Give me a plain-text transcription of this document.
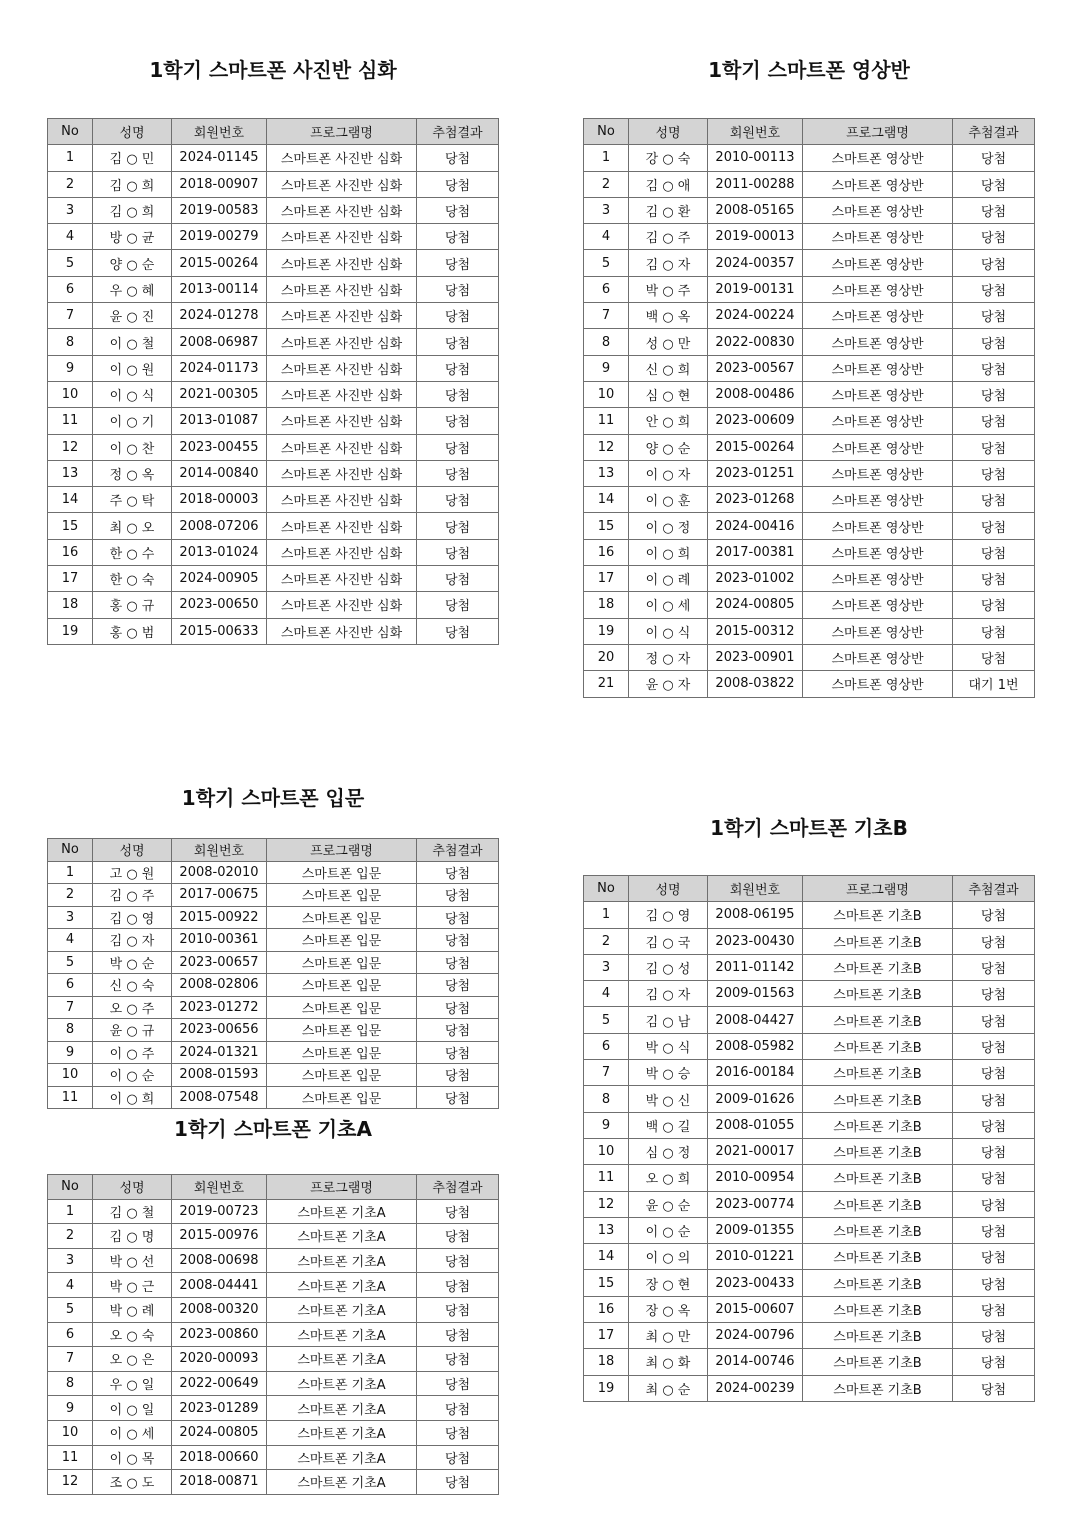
1학기 스마트폰 사진반 심화
No	성명	회원번호	프로그램명	추첨결과
1	김 ○ 민	2024-01145	스마트폰 사진반 심화	당첨
2	김 ○ 희	2018-00907	스마트폰 사진반 심화	당첨
3	김 ○ 희	2019-00583	스마트폰 사진반 심화	당첨
4	방 ○ 균	2019-00279	스마트폰 사진반 심화	당첨
5	양 ○ 순	2015-00264	스마트폰 사진반 심화	당첨
6	우 ○ 혜	2013-00114	스마트폰 사진반 심화	당첨
7	윤 ○ 진	2024-01278	스마트폰 사진반 심화	당첨
8	이 ○ 철	2008-06987	스마트폰 사진반 심화	당첨
9	이 ○ 원	2024-01173	스마트폰 사진반 심화	당첨
10	이 ○ 식	2021-00305	스마트폰 사진반 심화	당첨
11	이 ○ 기	2013-01087	스마트폰 사진반 심화	당첨
12	이 ○ 찬	2023-00455	스마트폰 사진반 심화	당첨
13	정 ○ 옥	2014-00840	스마트폰 사진반 심화	당첨
14	주 ○ 탁	2018-00003	스마트폰 사진반 심화	당첨
15	최 ○ 오	2008-07206	스마트폰 사진반 심화	당첨
16	한 ○ 수	2013-01024	스마트폰 사진반 심화	당첨
17	한 ○ 숙	2024-00905	스마트폰 사진반 심화	당첨
18	홍 ○ 규	2023-00650	스마트폰 사진반 심화	당첨
19	홍 ○ 범	2015-00633	스마트폰 사진반 심화	당첨
1학기 스마트폰 영상반
No	성명	회원번호	프로그램명	추첨결과
1	강 ○ 숙	2010-00113	스마트폰 영상반	당첨
2	김 ○ 애	2011-00288	스마트폰 영상반	당첨
3	김 ○ 환	2008-05165	스마트폰 영상반	당첨
4	김 ○ 주	2019-00013	스마트폰 영상반	당첨
5	김 ○ 자	2024-00357	스마트폰 영상반	당첨
6	박 ○ 주	2019-00131	스마트폰 영상반	당첨
7	백 ○ 옥	2024-00224	스마트폰 영상반	당첨
8	성 ○ 만	2022-00830	스마트폰 영상반	당첨
9	신 ○ 희	2023-00567	스마트폰 영상반	당첨
10	심 ○ 현	2008-00486	스마트폰 영상반	당첨
11	안 ○ 희	2023-00609	스마트폰 영상반	당첨
12	양 ○ 순	2015-00264	스마트폰 영상반	당첨
13	이 ○ 자	2023-01251	스마트폰 영상반	당첨
14	이 ○ 훈	2023-01268	스마트폰 영상반	당첨
15	이 ○ 정	2024-00416	스마트폰 영상반	당첨
16	이 ○ 희	2017-00381	스마트폰 영상반	당첨
17	이 ○ 례	2023-01002	스마트폰 영상반	당첨
18	이 ○ 세	2024-00805	스마트폰 영상반	당첨
19	이 ○ 식	2015-00312	스마트폰 영상반	당첨
20	정 ○ 자	2023-00901	스마트폰 영상반	당첨
21	윤 ○ 자	2008-03822	스마트폰 영상반	대기 1번
1학기 스마트폰 입문
No	성명	회원번호	프로그램명	추첨결과
1	고 ○ 원	2008-02010	스마트폰 입문	당첨
2	김 ○ 주	2017-00675	스마트폰 입문	당첨
3	김 ○ 영	2015-00922	스마트폰 입문	당첨
4	김 ○ 자	2010-00361	스마트폰 입문	당첨
5	박 ○ 순	2023-00657	스마트폰 입문	당첨
6	신 ○ 숙	2008-02806	스마트폰 입문	당첨
7	오 ○ 주	2023-01272	스마트폰 입문	당첨
8	윤 ○ 규	2023-00656	스마트폰 입문	당첨
9	이 ○ 주	2024-01321	스마트폰 입문	당첨
10	이 ○ 순	2008-01593	스마트폰 입문	당첨
11	이 ○ 희	2008-07548	스마트폰 입문	당첨
1학기 스마트폰 기초A
No	성명	회원번호	프로그램명	추첨결과
1	김 ○ 철	2019-00723	스마트폰 기초A	당첨
2	김 ○ 명	2015-00976	스마트폰 기초A	당첨
3	박 ○ 선	2008-00698	스마트폰 기초A	당첨
4	박 ○ 근	2008-04441	스마트폰 기초A	당첨
5	박 ○ 례	2008-00320	스마트폰 기초A	당첨
6	오 ○ 숙	2023-00860	스마트폰 기초A	당첨
7	오 ○ 은	2020-00093	스마트폰 기초A	당첨
8	우 ○ 일	2022-00649	스마트폰 기초A	당첨
9	이 ○ 일	2023-01289	스마트폰 기초A	당첨
10	이 ○ 세	2024-00805	스마트폰 기초A	당첨
11	이 ○ 목	2018-00660	스마트폰 기초A	당첨
12	조 ○ 도	2018-00871	스마트폰 기초A	당첨
1학기 스마트폰 기초B
No	성명	회원번호	프로그램명	추첨결과
1	김 ○ 영	2008-06195	스마트폰 기초B	당첨
2	김 ○ 국	2023-00430	스마트폰 기초B	당첨
3	김 ○ 성	2011-01142	스마트폰 기초B	당첨
4	김 ○ 자	2009-01563	스마트폰 기초B	당첨
5	김 ○ 남	2008-04427	스마트폰 기초B	당첨
6	박 ○ 식	2008-05982	스마트폰 기초B	당첨
7	박 ○ 승	2016-00184	스마트폰 기초B	당첨
8	박 ○ 신	2009-01626	스마트폰 기초B	당첨
9	백 ○ 길	2008-01055	스마트폰 기초B	당첨
10	심 ○ 정	2021-00017	스마트폰 기초B	당첨
11	오 ○ 희	2010-00954	스마트폰 기초B	당첨
12	윤 ○ 순	2023-00774	스마트폰 기초B	당첨
13	이 ○ 순	2009-01355	스마트폰 기초B	당첨
14	이 ○ 의	2010-01221	스마트폰 기초B	당첨
15	장 ○ 현	2023-00433	스마트폰 기초B	당첨
16	장 ○ 옥	2015-00607	스마트폰 기초B	당첨
17	최 ○ 만	2024-00796	스마트폰 기초B	당첨
18	최 ○ 화	2014-00746	스마트폰 기초B	당첨
19	최 ○ 순	2024-00239	스마트폰 기초B	당첨
